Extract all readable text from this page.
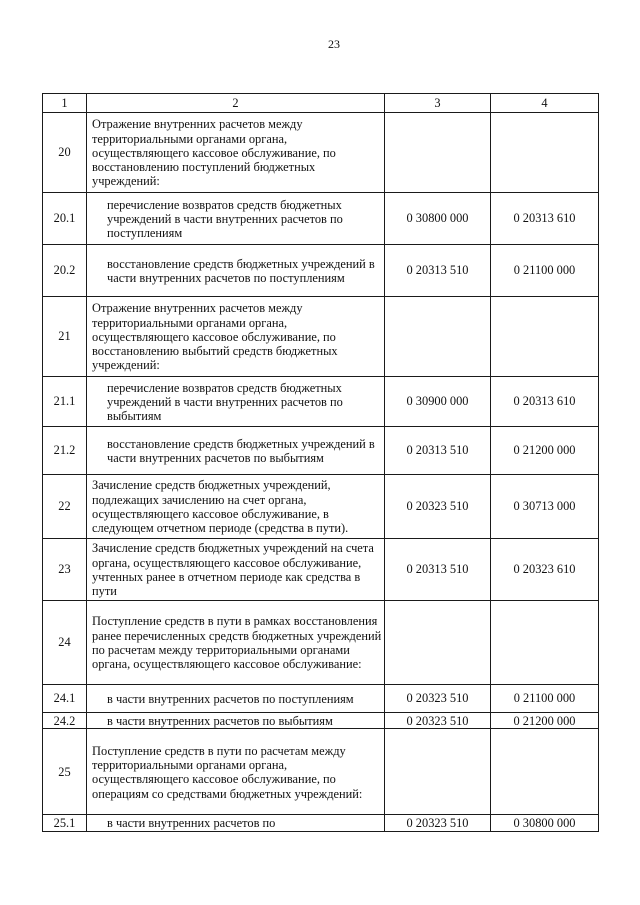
23
1	2	3	4
20	Отражение внутренних расчетов между территориальными органами органа, осуществляющего кассовое обслуживание, по восстановлению поступлений бюджетных учреждений:		
20.1	перечисление возвратов средств бюджетных учреждений в части внутренних расчетов по поступлениям	0 30800 000	0 20313 610
20.2	восстановление средств бюджетных учреждений в части внутренних расчетов по поступлениям	0 20313 510	0 21100 000
21	Отражение внутренних расчетов между территориальными органами органа, осуществляющего кассовое обслуживание, по восстановлению выбытий средств бюджетных учреждений:		
21.1	перечисление возвратов средств бюджетных учреждений в части внутренних расчетов по выбытиям	0 30900 000	0 20313 610
21.2	восстановление средств бюджетных учреждений в части внутренних расчетов по выбытиям	0 20313 510	0 21200 000
22	Зачисление средств бюджетных учреждений, подлежащих зачислению на счет органа, осуществляющего кассовое обслуживание, в следующем отчетном периоде (средства в пути).	0 20323 510	0 30713 000
23	Зачисление средств бюджетных учреждений на счета органа, осуществляющего кассовое обслуживание, учтенных ранее в отчетном периоде как средства в пути	0 20313 510	0 20323 610
24	Поступление средств в пути в рамках восстановления ранее перечисленных средств бюджетных учреждений по расчетам между территориальными органами органа, осуществляющего кассовое обслуживание:		
24.1	в части внутренних расчетов по поступлениям	0 20323 510	0 21100 000
24.2	в части внутренних расчетов по выбытиям	0 20323 510	0 21200 000
25	Поступление средств в пути по расчетам между территориальными органами органа, осуществляющего кассовое обслуживание, по операциям со средствами бюджетных учреждений:		
25.1	в части внутренних расчетов по	0 20323 510	0 30800 000
